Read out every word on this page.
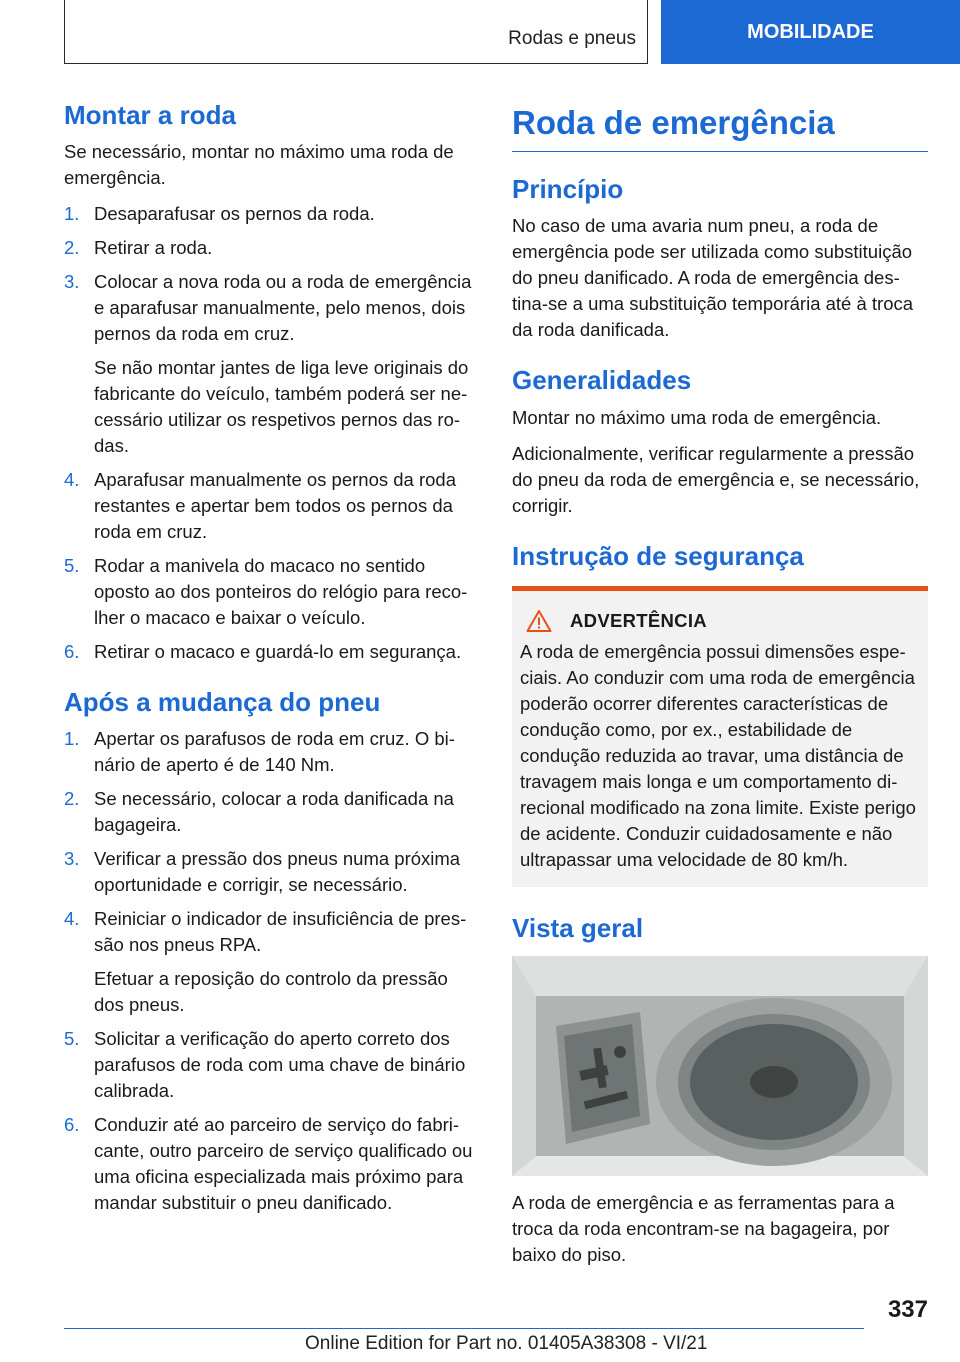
Rodas e pneus	MOBILIDADE
Montar a roda

Se necessário, montar no máximo uma roda de emergência.

1. Desaparafusar os pernos da roda.
2. Retirar a roda.
3. Colocar a nova roda ou a roda de emergência e aparafusar manualmente, pelo menos, dois pernos da roda em cruz.
Se não montar jantes de liga leve originais do fabricante do veículo, também poderá ser necessário utilizar os respetivos pernos das rodas.
4. Aparafusar manualmente os pernos da roda restantes e apertar bem todos os pernos da roda em cruz.
5. Rodar a manivela do macaco no sentido oposto ao dos ponteiros do relógio para recolher o macaco e baixar o veículo.
6. Retirar o macaco e guardá-lo em segurança.
Após a mudança do pneu
1. Apertar os parafusos de roda em cruz. O binário de aperto é de 140 Nm.
2. Se necessário, colocar a roda danificada na bagageira.
3. Verificar a pressão dos pneus numa próxima oportunidade e corrigir, se necessário.
4. Reiniciar o indicador de insuficiência de pressão nos pneus RPA.
Efetuar a reposição do controlo da pressão dos pneus.
5. Solicitar a verificação do aperto correto dos parafusos de roda com uma chave de binário calibrada.
6. Conduzir até ao parceiro de serviço do fabricante, outro parceiro de serviço qualificado ou uma oficina especializada mais próximo para mandar substituir o pneu danificado.
Roda de emergência
Princípio

No caso de uma avaria num pneu, a roda de emergência pode ser utilizada como substituição do pneu danificado. A roda de emergência destina-se a uma substituição temporária até à troca da roda danificada.

Generalidades

Montar no máximo uma roda de emergência.

Adicionalmente, verificar regularmente a pressão do pneu da roda de emergência e, se necessário, corrigir.

Instrução de segurança
ADVERTÊNCIA

A roda de emergência possui dimensões especiais. Ao conduzir com uma roda de emergência poderão ocorrer diferentes características de condução como, por ex., estabilidade de condução reduzida ao travar, uma distância de travagem mais longa e um comportamento direcional modificado na zona limite. Existe perigo de acidente. Conduzir cuidadosamente e não ultrapassar uma velocidade de 80 km/h.

Vista geral

A roda de emergência e as ferramentas para a troca da roda encontram-se na bagageira, por baixo do piso.

337
Online Edition for Part no. 01405A38308 - VI/21
